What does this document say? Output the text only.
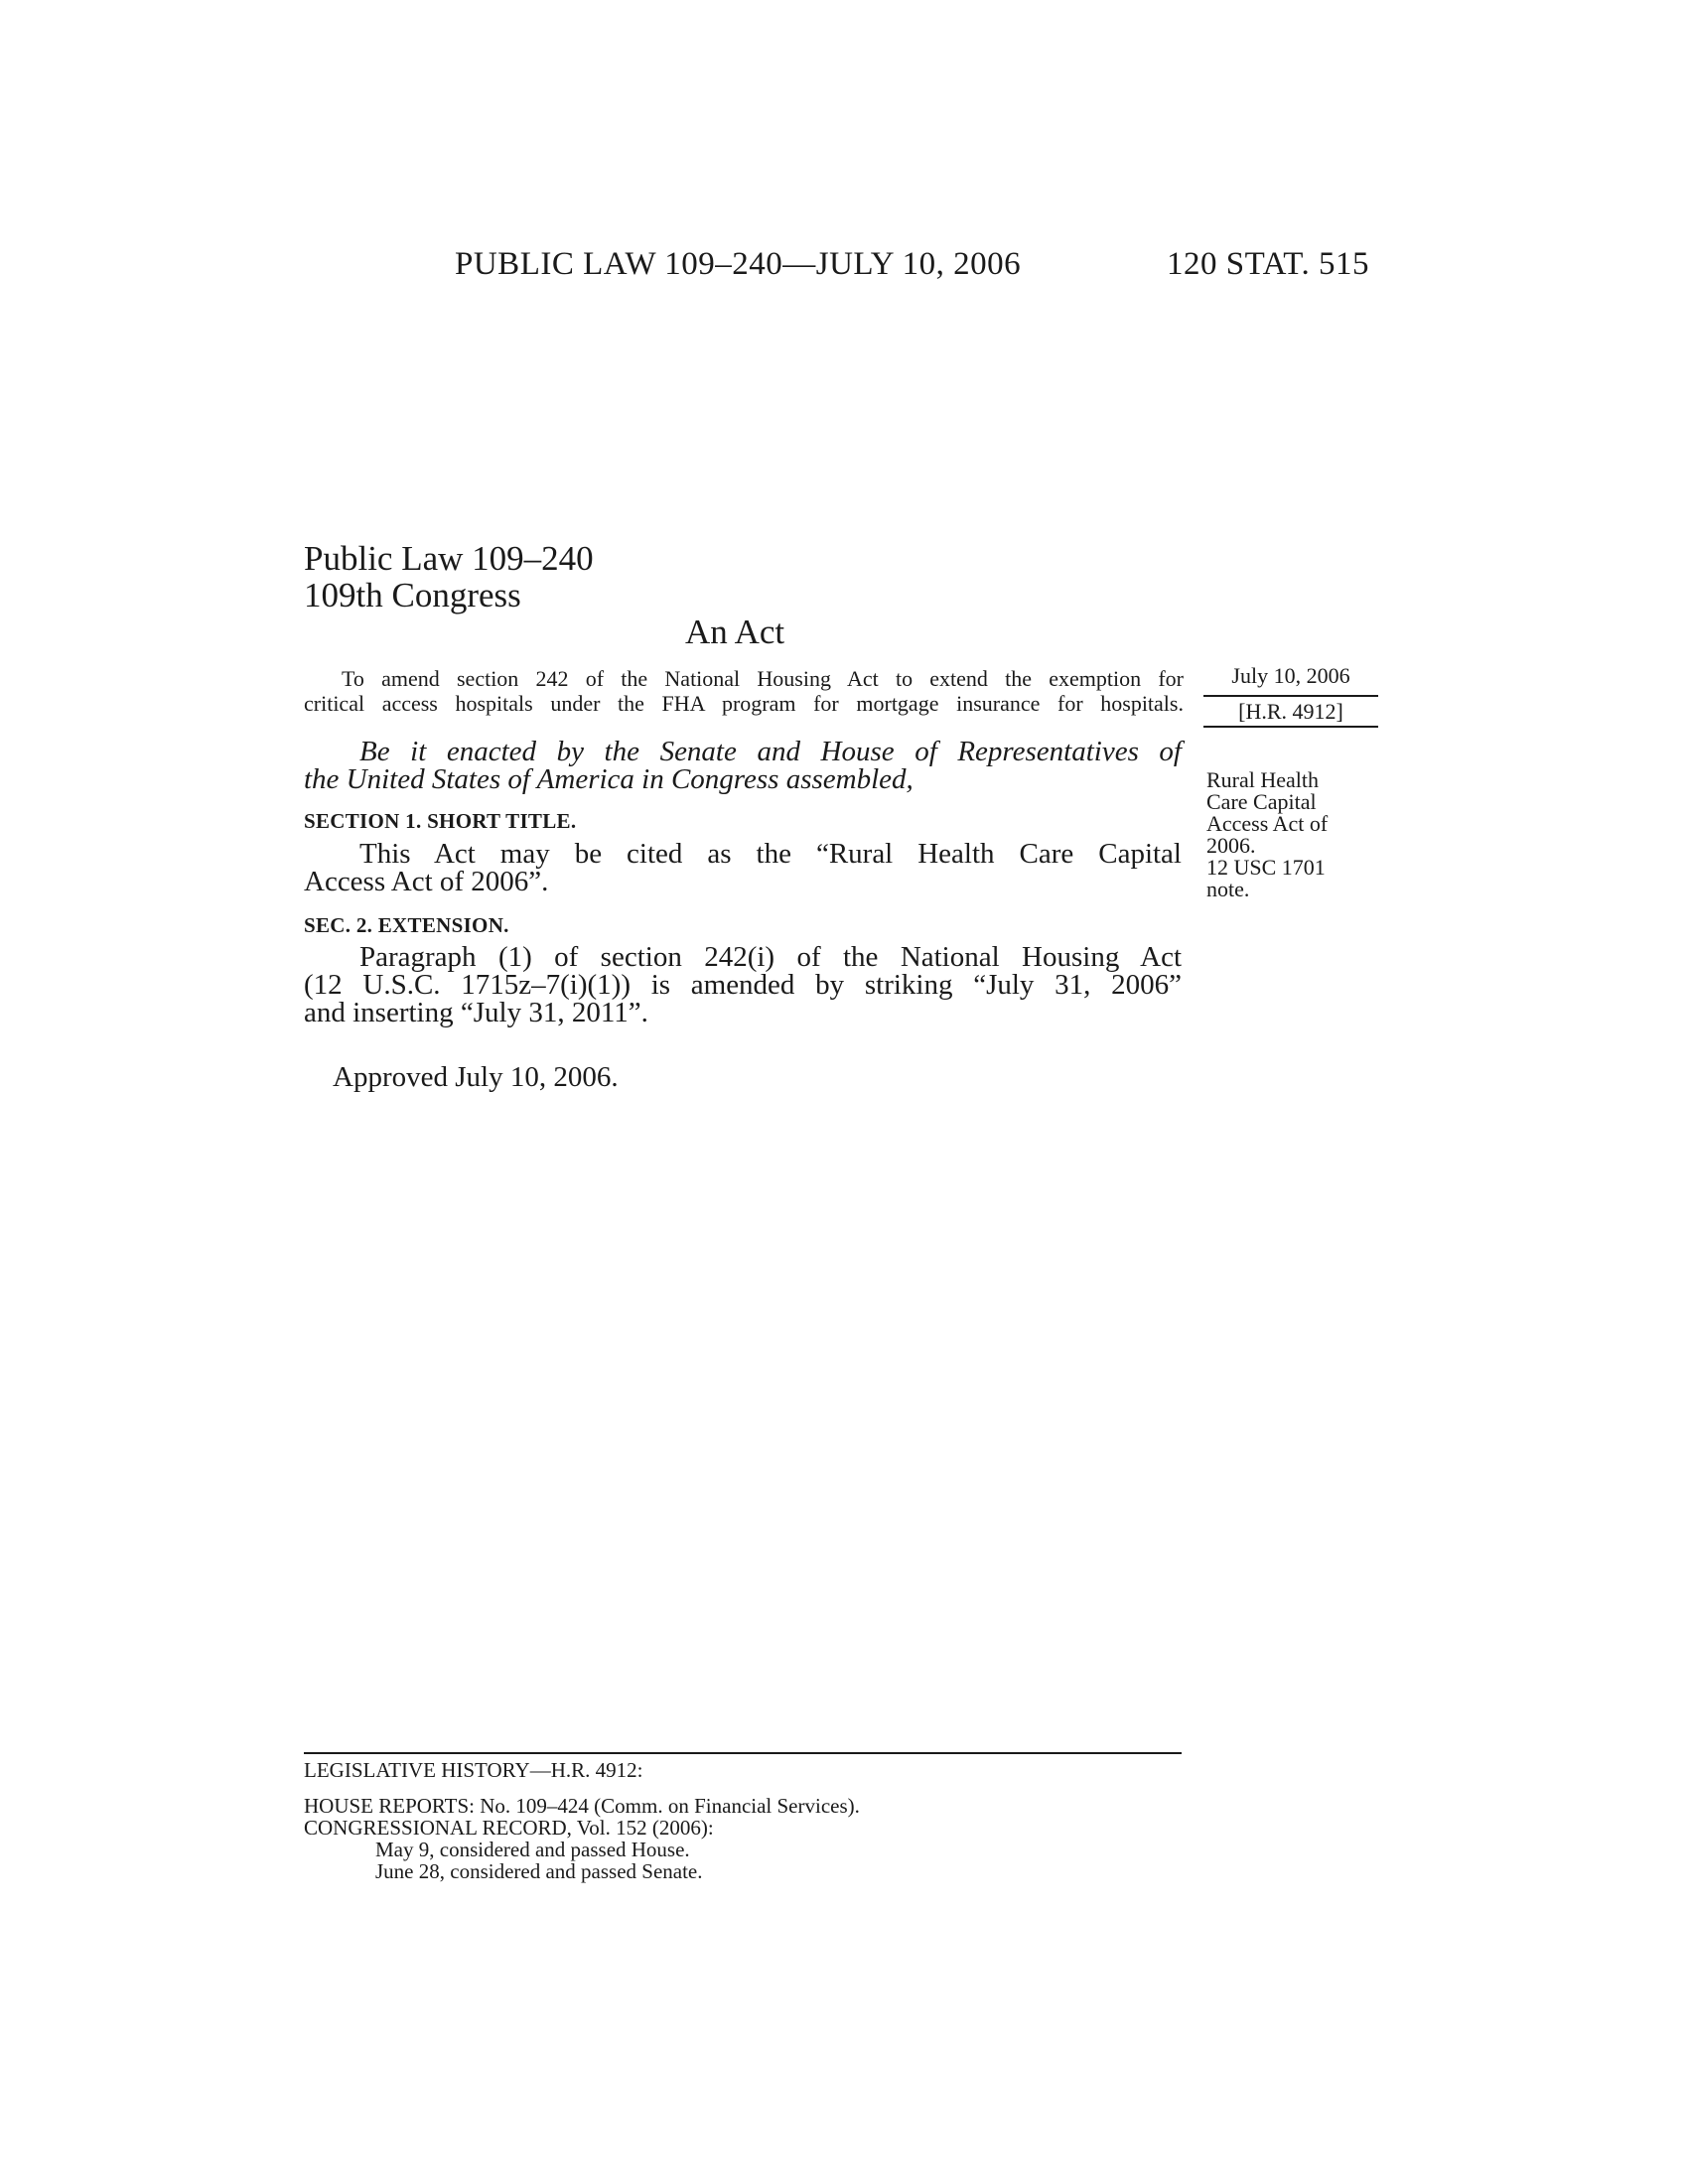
PUBLIC LAW 109–240—JULY 10, 2006	120 STAT. 515
Public Law 109–240
109th Congress
An Act
To amend section 242 of the National Housing Act to extend the exemption for
critical access hospitals under the FHA program for mortgage insurance for hospitals.
July 10, 2006
[H.R. 4912]
Be it enacted by the Senate and House of Representatives of
the United States of America in Congress assembled,
SECTION 1. SHORT TITLE.
This Act may be cited as the “Rural Health Care Capital
Access Act of 2006”.
SEC. 2. EXTENSION.
Paragraph (1) of section 242(i) of the National Housing Act
(12 U.S.C. 1715z–7(i)(1)) is amended by striking “July 31, 2006”
and inserting “July 31, 2011”.
Approved July 10, 2006.
Rural Health
Care Capital
Access Act of
2006.
12 USC 1701
note.
LEGISLATIVE HISTORY—H.R. 4912:
HOUSE REPORTS: No. 109–424 (Comm. on Financial Services).
CONGRESSIONAL RECORD, Vol. 152 (2006):
May 9, considered and passed House.
June 28, considered and passed Senate.
